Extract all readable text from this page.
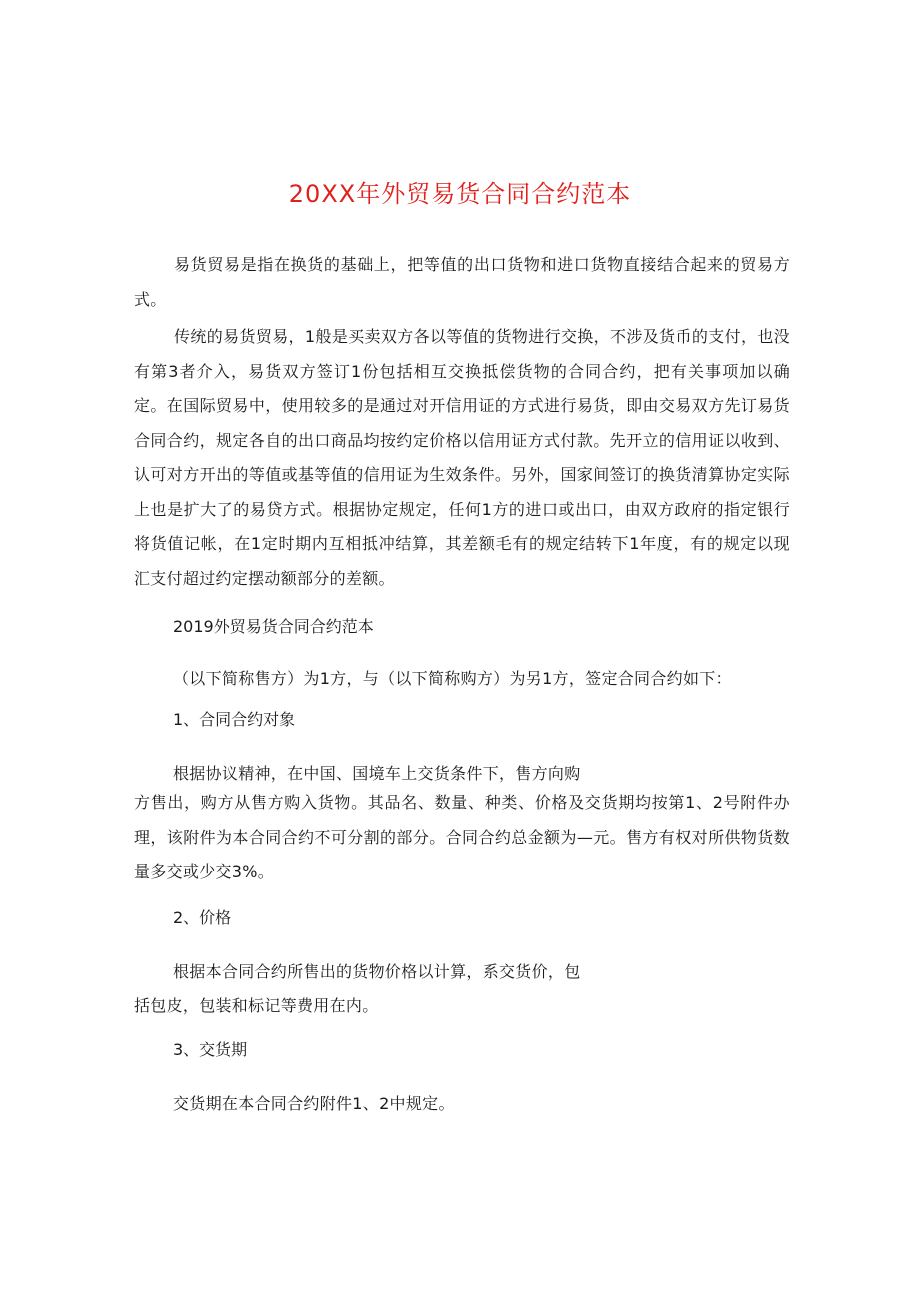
20XX年外贸易货合同合约范本

易货贸易是指在换货的基础上，把等值的出口货物和进口货物直接结合起来的贸易方式。

传统的易货贸易，1般是买卖双方各以等值的货物进行交换，不涉及货币的支付，也没有第3者介入，易货双方签订1份包括相互交换抵偿货物的合同合约，把有关事项加以确定。在国际贸易中，使用较多的是通过对开信用证的方式进行易货，即由交易双方先订易货合同合约，规定各自的出口商品均按约定价格以信用证方式付款。先开立的信用证以收到、认可对方开出的等值或基等值的信用证为生效条件。另外，国家间签订的换货清算协定实际上也是扩大了的易贷方式。根据协定规定，任何1方的进口或出口，由双方政府的指定银行将货值记帐，在1定时期内互相抵冲结算，其差额毛有的规定结转下1年度，有的规定以现汇支付超过约定摆动额部分的差额。

2019外贸易货合同合约范本

（以下简称售方）为1方，与（以下简称购方）为另1方，签定合同合约如下：

1、合同合约对象

根据协议精神，在中国、国境车上交货条件下，售方向购

方售出，购方从售方购入货物。其品名、数量、种类、价格及交货期均按第1、2号附件办理，该附件为本合同合约不可分割的部分。合同合约总金额为—元。售方有权对所供物货数量多交或少交3%。

2、价格

根据本合同合约所售出的货物价格以计算，系交货价，包

括包皮，包装和标记等费用在内。

3、交货期

交货期在本合同合约附件1、2中规定。
